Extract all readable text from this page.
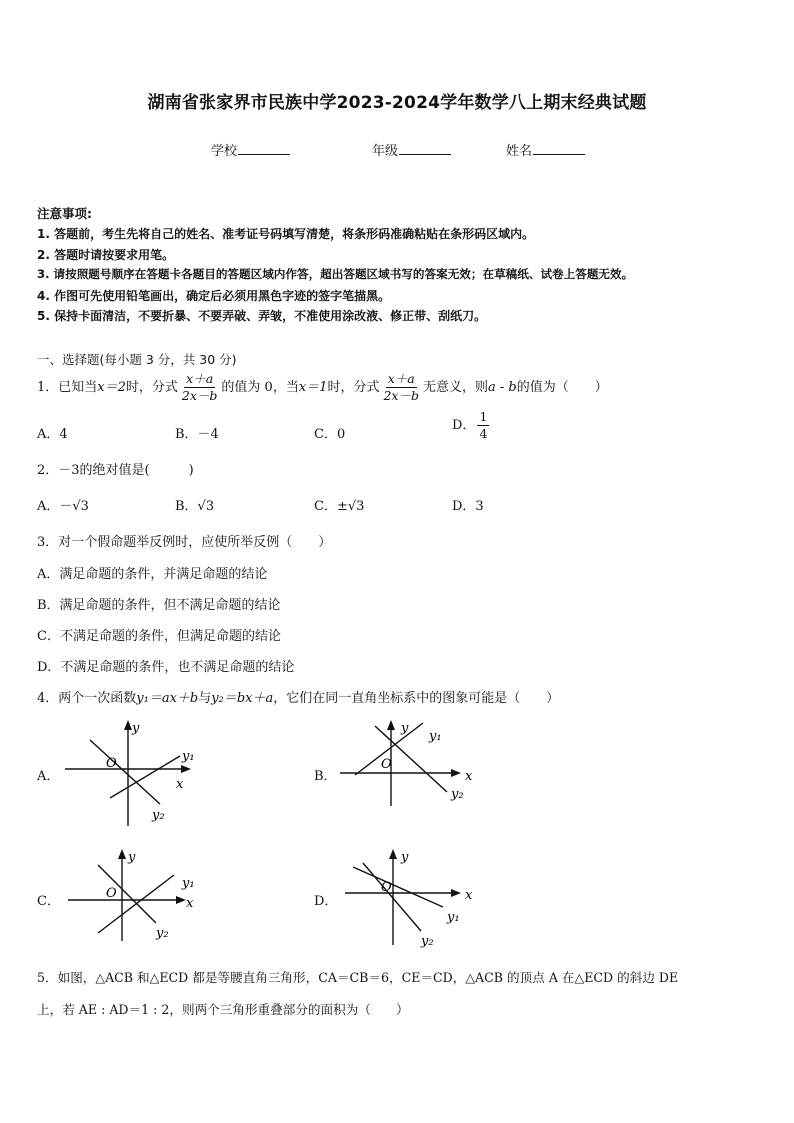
湖南省张家界市民族中学2023-2024学年数学八上期末经典试题
学校	年级	姓名
注意事项:
1. 答题前，考生先将自己的姓名、准考证号码填写清楚，将条形码准确粘贴在条形码区域内。
2. 答题时请按要求用笔。
3. 请按照题号顺序在答题卡各题目的答题区域内作答，超出答题区域书写的答案无效；在草稿纸、试卷上答题无效。
4. 作图可先使用铅笔画出，确定后必须用黑色字迹的签字笔描黑。
5. 保持卡面清洁，不要折暴、不要弄破、弄皱，不准使用涂改液、修正带、刮纸刀。
一、选择题(每小题 3 分，共 30 分)
1．已知当x＝2时，分式 $\frac{x+a}{2x-b}$ 的值为 0，当x＝1时，分式 $\frac{x+a}{2x-b}$ 无意义，则a - b的值为（　　）
A．4	B．－4	C．0
D． $\frac{1}{4}$
2．－3的绝对值是(　　　)
A．－√3	B．√3	C．±√3	D．3
3．对一个假命题举反例时，应使所举反例（　　）
A．满足命题的条件，并满足命题的结论
B．满足命题的条件，但不满足命题的结论
C．不满足命题的条件，但满足命题的结论
D．不满足命题的条件，也不满足命题的结论
4．两个一次函数y₁＝ax＋b与y₂＝bx＋a，它们在同一直角坐标系中的图象可能是（　　）
A．	B．
C．	D．
y
x
O	y₁
y₂
y
x
O
y₁
y₂
y
x
O
y₁
y₂
y
x
O
y₁
y₂
5．如图，△ACB 和△ECD 都是等腰直角三角形，CA＝CB＝6，CE＝CD，△ACB 的顶点 A 在△ECD 的斜边 DE
上，若 AE : AD＝1 : 2，则两个三角形重叠部分的面积为（　　）
